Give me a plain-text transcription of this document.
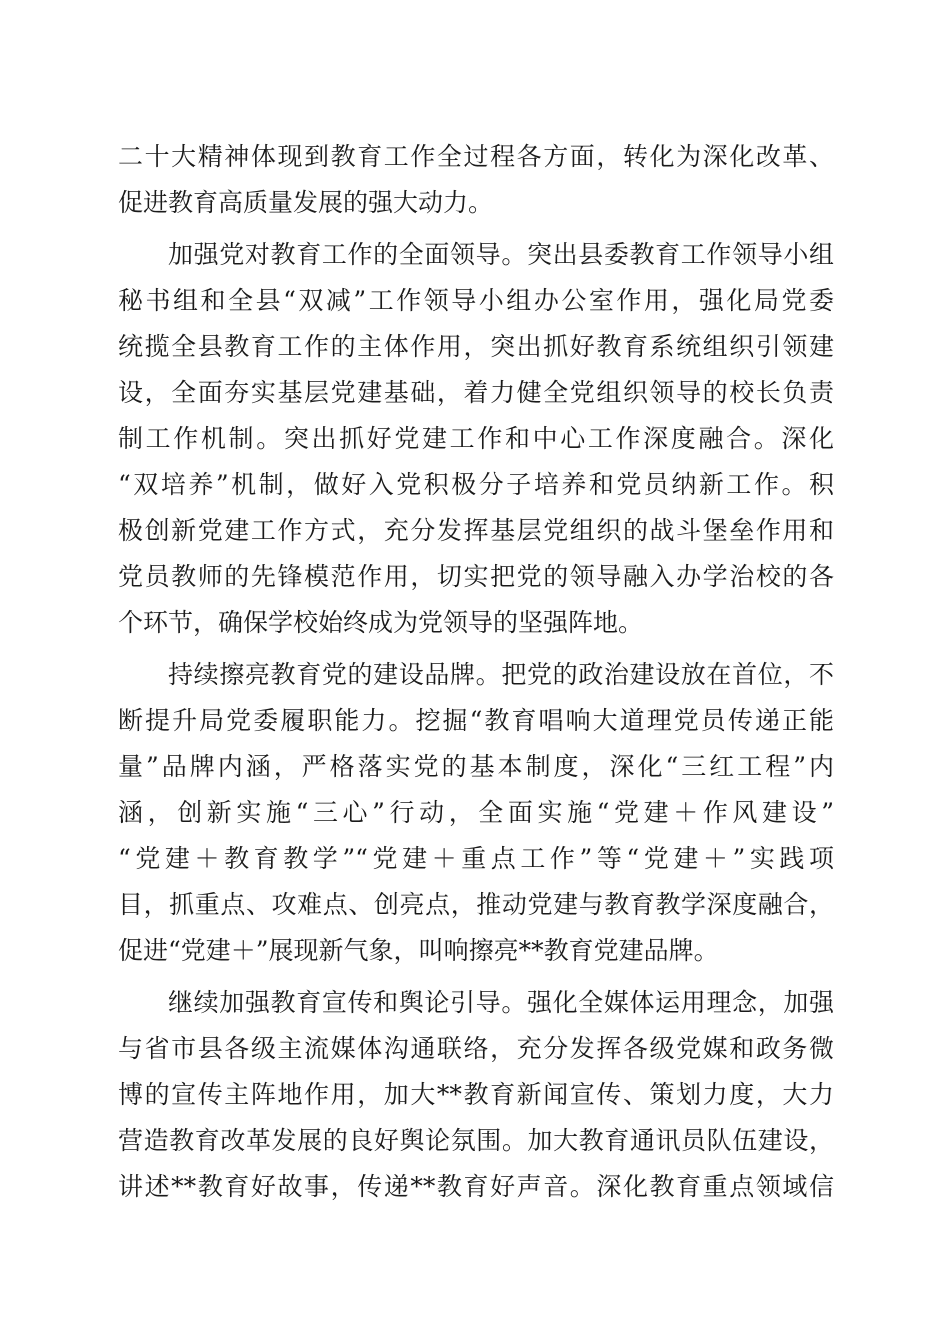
二十大精神体现到教育工作全过程各方面，转化为深化改革、
促进教育高质量发展的强大动力。
加强党对教育工作的全面领导。突出县委教育工作领导小组
秘书组和全县“双减”工作领导小组办公室作用，强化局党委
统揽全县教育工作的主体作用，突出抓好教育系统组织引领建
设，全面夯实基层党建基础，着力健全党组织领导的校长负责
制工作机制。突出抓好党建工作和中心工作深度融合。深化
“双培养”机制，做好入党积极分子培养和党员纳新工作。积
极创新党建工作方式，充分发挥基层党组织的战斗堡垒作用和
党员教师的先锋模范作用，切实把党的领导融入办学治校的各
个环节，确保学校始终成为党领导的坚强阵地。
持续擦亮教育党的建设品牌。把党的政治建设放在首位，不
断提升局党委履职能力。挖掘“教育唱响大道理党员传递正能
量”品牌内涵，严格落实党的基本制度，深化“三红工程”内
涵，创新实施“三心”行动，全面实施“党建＋作风建设”
“党建＋教育教学”“党建＋重点工作”等“党建＋”实践项
目，抓重点、攻难点、创亮点，推动党建与教育教学深度融合，
促进“党建＋”展现新气象，叫响擦亮**教育党建品牌。
继续加强教育宣传和舆论引导。强化全媒体运用理念，加强
与省市县各级主流媒体沟通联络，充分发挥各级党媒和政务微
博的宣传主阵地作用，加大**教育新闻宣传、策划力度，大力
营造教育改革发展的良好舆论氛围。加大教育通讯员队伍建设，
讲述**教育好故事，传递**教育好声音。深化教育重点领域信
